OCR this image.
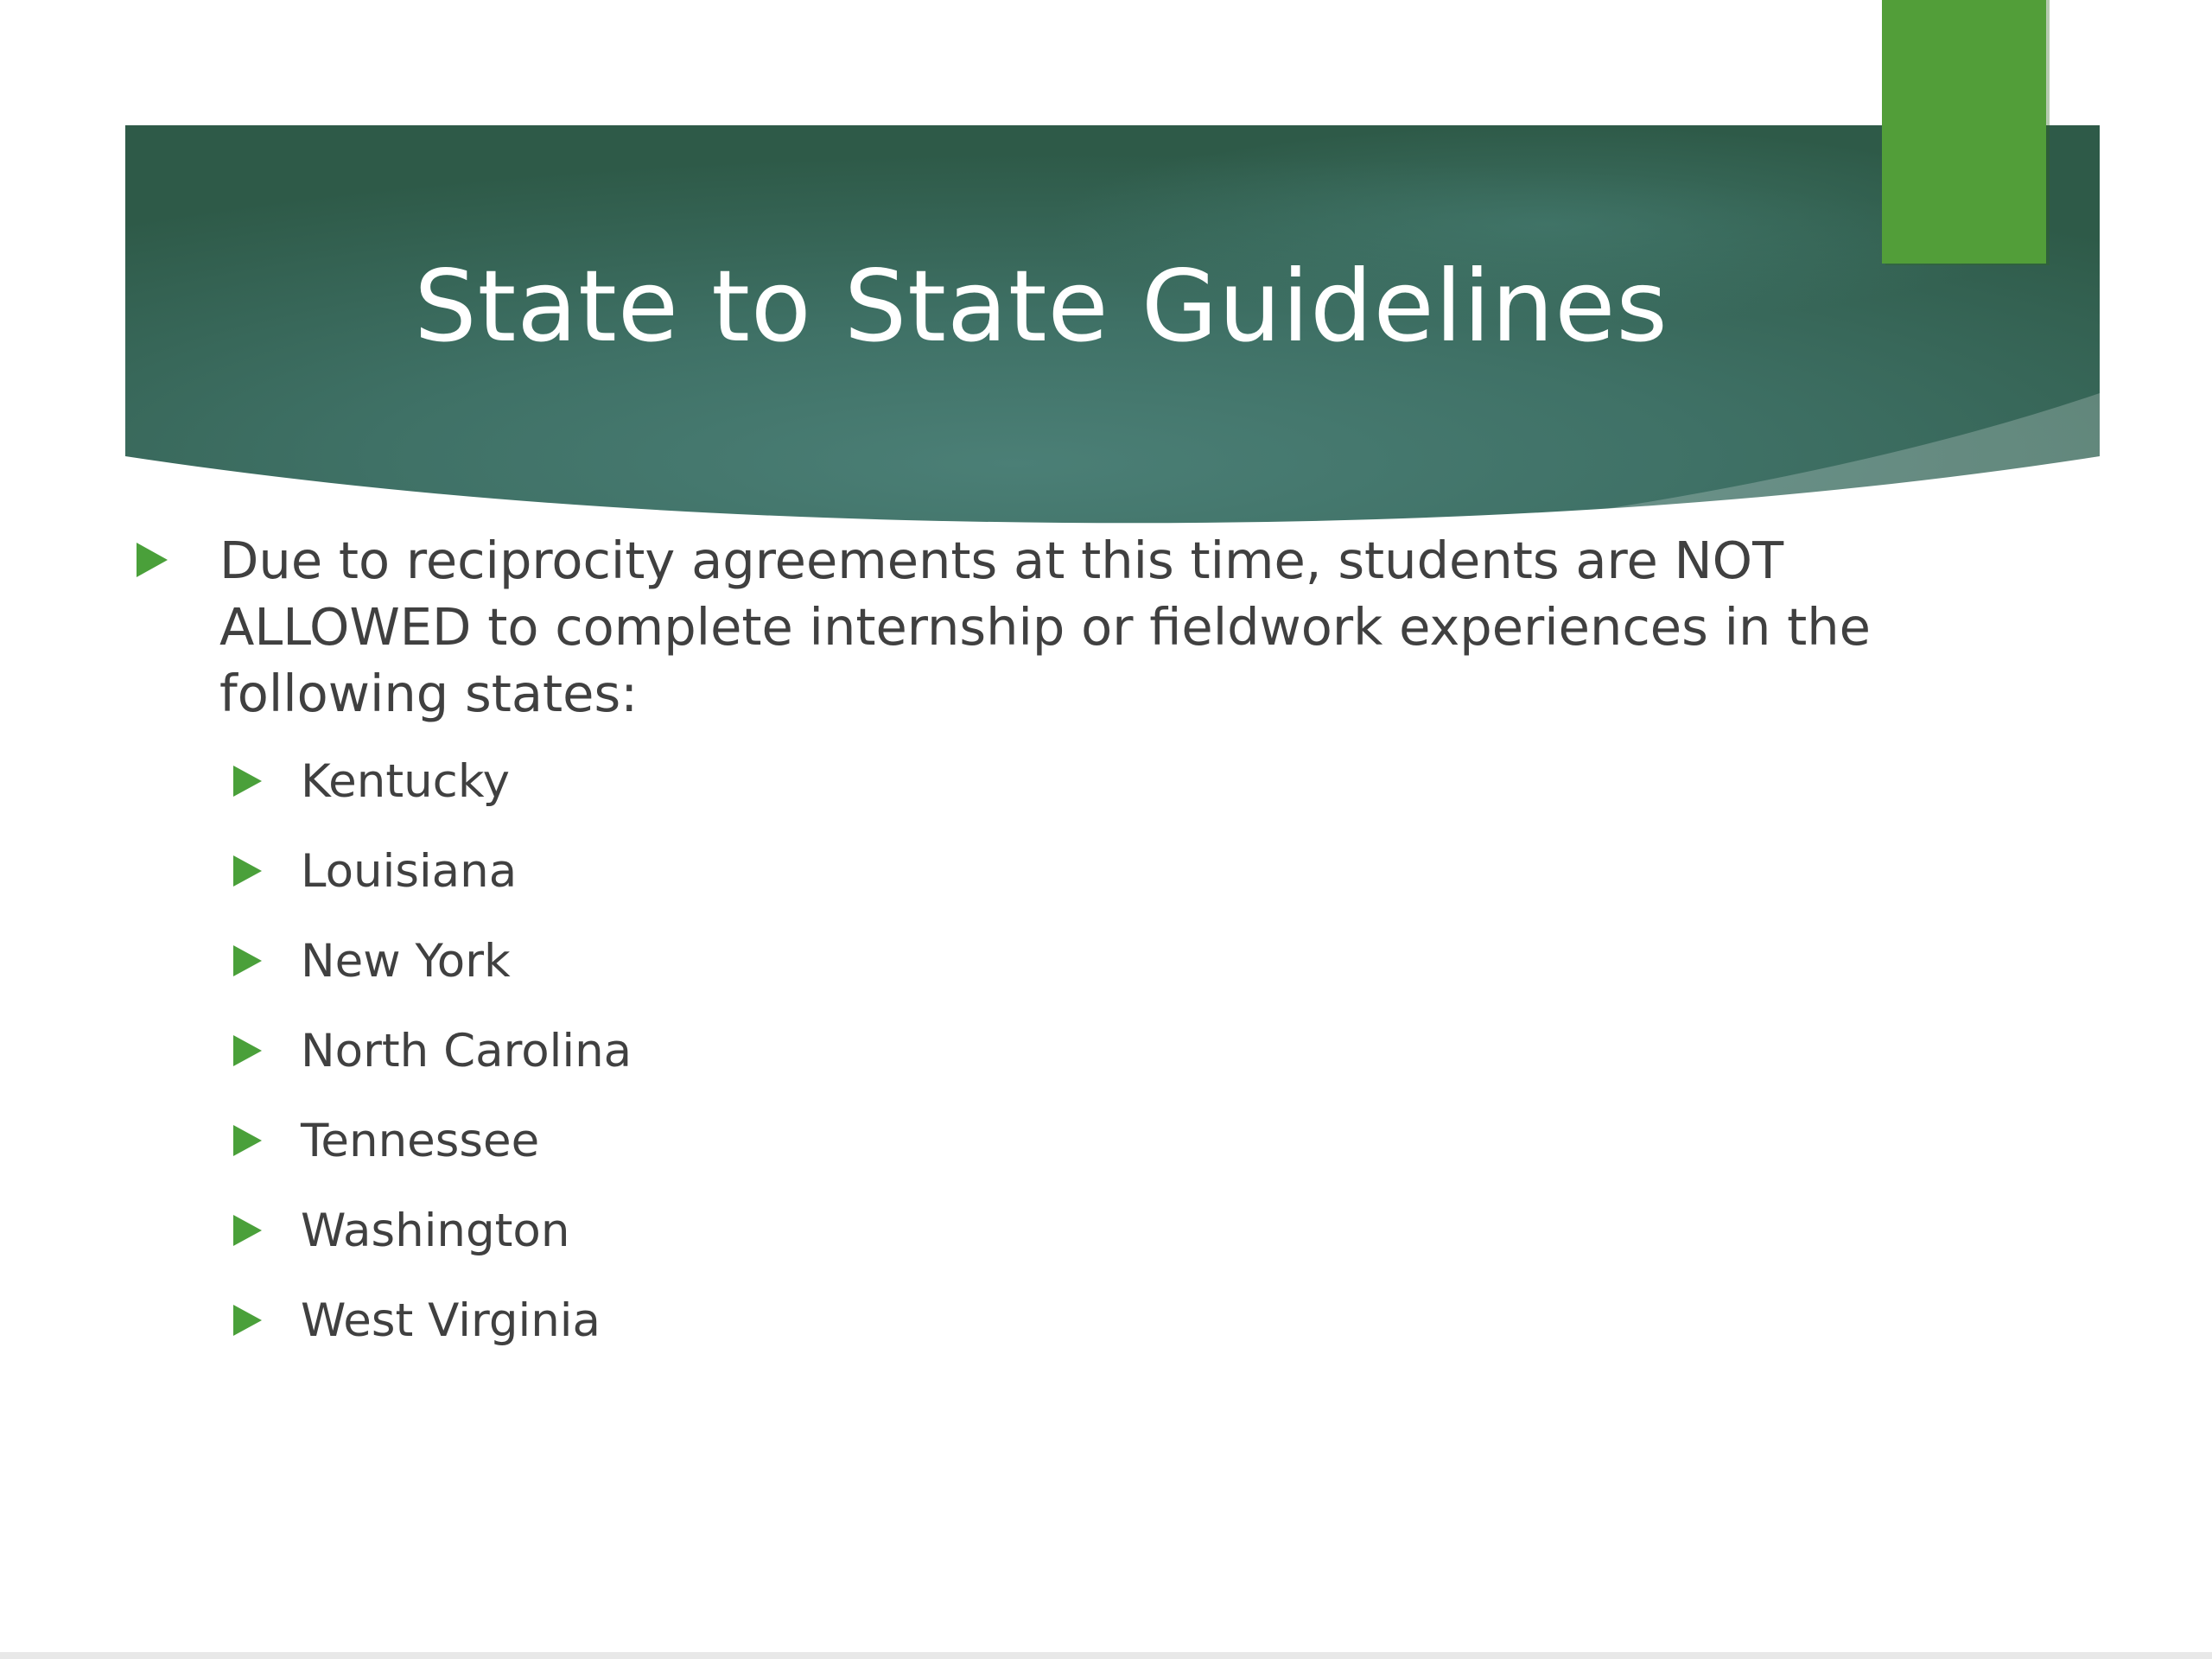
State to State Guidelines
Due to reciprocity agreements at this time, students are NOT ALLOWED to complete internship or fieldwork experiences in the following states:
Kentucky
Louisiana
New York
North Carolina
Tennessee
Washington
West Virginia
